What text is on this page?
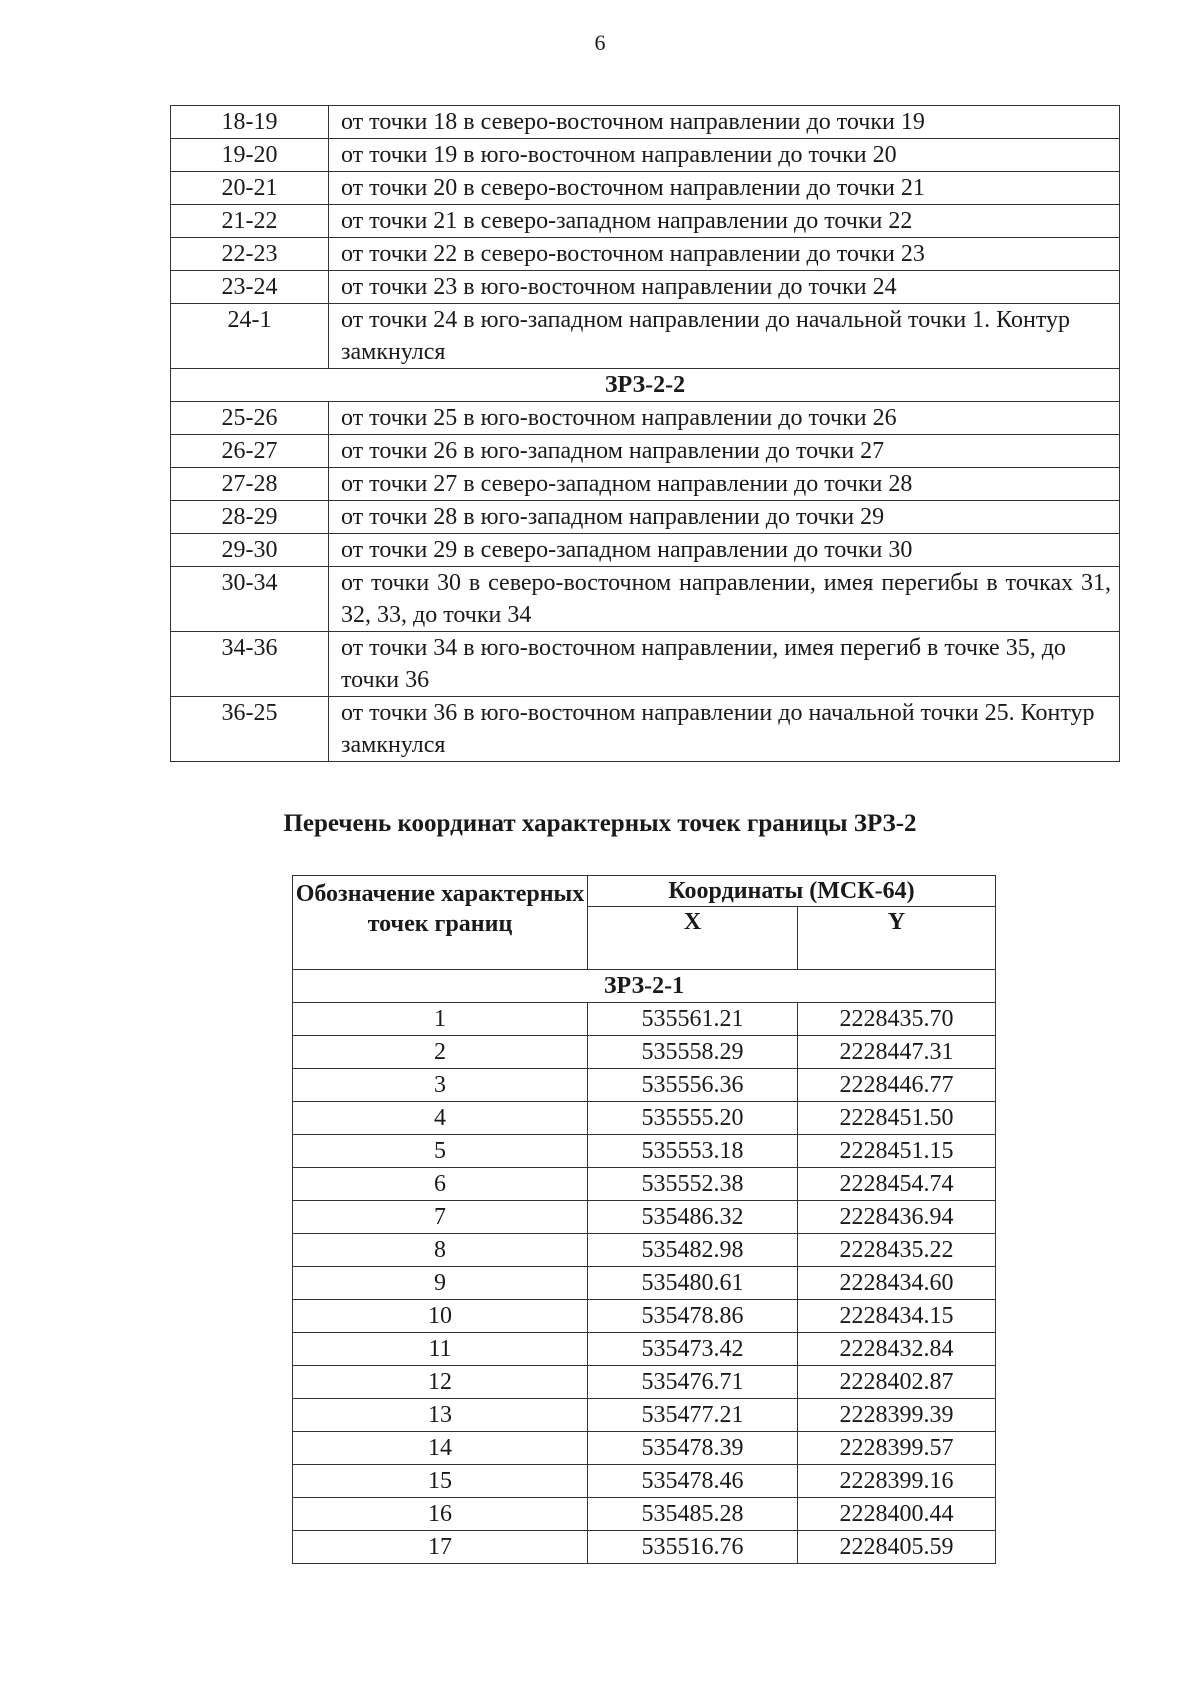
6
18-19	от точки 18 в северо-восточном направлении до точки 19
19-20	от точки 19 в юго-восточном направлении до точки 20
20-21	от точки 20 в северо-восточном направлении до точки 21
21-22	от точки 21 в северо-западном направлении до точки 22
22-23	от точки 22 в северо-восточном направлении до точки 23
23-24	от точки 23 в юго-восточном направлении до точки 24
24-1	от точки 24 в юго-западном направлении до начальной точки 1. Контур замкнулся
ЗРЗ-2-2	
25-26	от точки 25 в юго-восточном направлении до точки 26
26-27	от точки 26 в юго-западном направлении до точки 27
27-28	от точки 27 в северо-западном направлении до точки 28
28-29	от точки 28 в юго-западном направлении до точки 29
29-30	от точки 29 в северо-западном направлении до точки 30
30-34	от точки 30 в северо-восточном направлении, имея перегибы в точках 31, 32, 33, до точки 34
34-36	от точки 34 в юго-восточном направлении, имея перегиб в точке 35, до точки 36
36-25	от точки 36 в юго-восточном направлении до начальной точки 25. Контур замкнулся
Перечень координат характерных точек границы ЗРЗ-2
Обозначение характерных точек границ	Координаты (МСК-64)	
	X	Y
ЗРЗ-2-1		
1	535561.21	2228435.70
2	535558.29	2228447.31
3	535556.36	2228446.77
4	535555.20	2228451.50
5	535553.18	2228451.15
6	535552.38	2228454.74
7	535486.32	2228436.94
8	535482.98	2228435.22
9	535480.61	2228434.60
10	535478.86	2228434.15
11	535473.42	2228432.84
12	535476.71	2228402.87
13	535477.21	2228399.39
14	535478.39	2228399.57
15	535478.46	2228399.16
16	535485.28	2228400.44
17	535516.76	2228405.59
